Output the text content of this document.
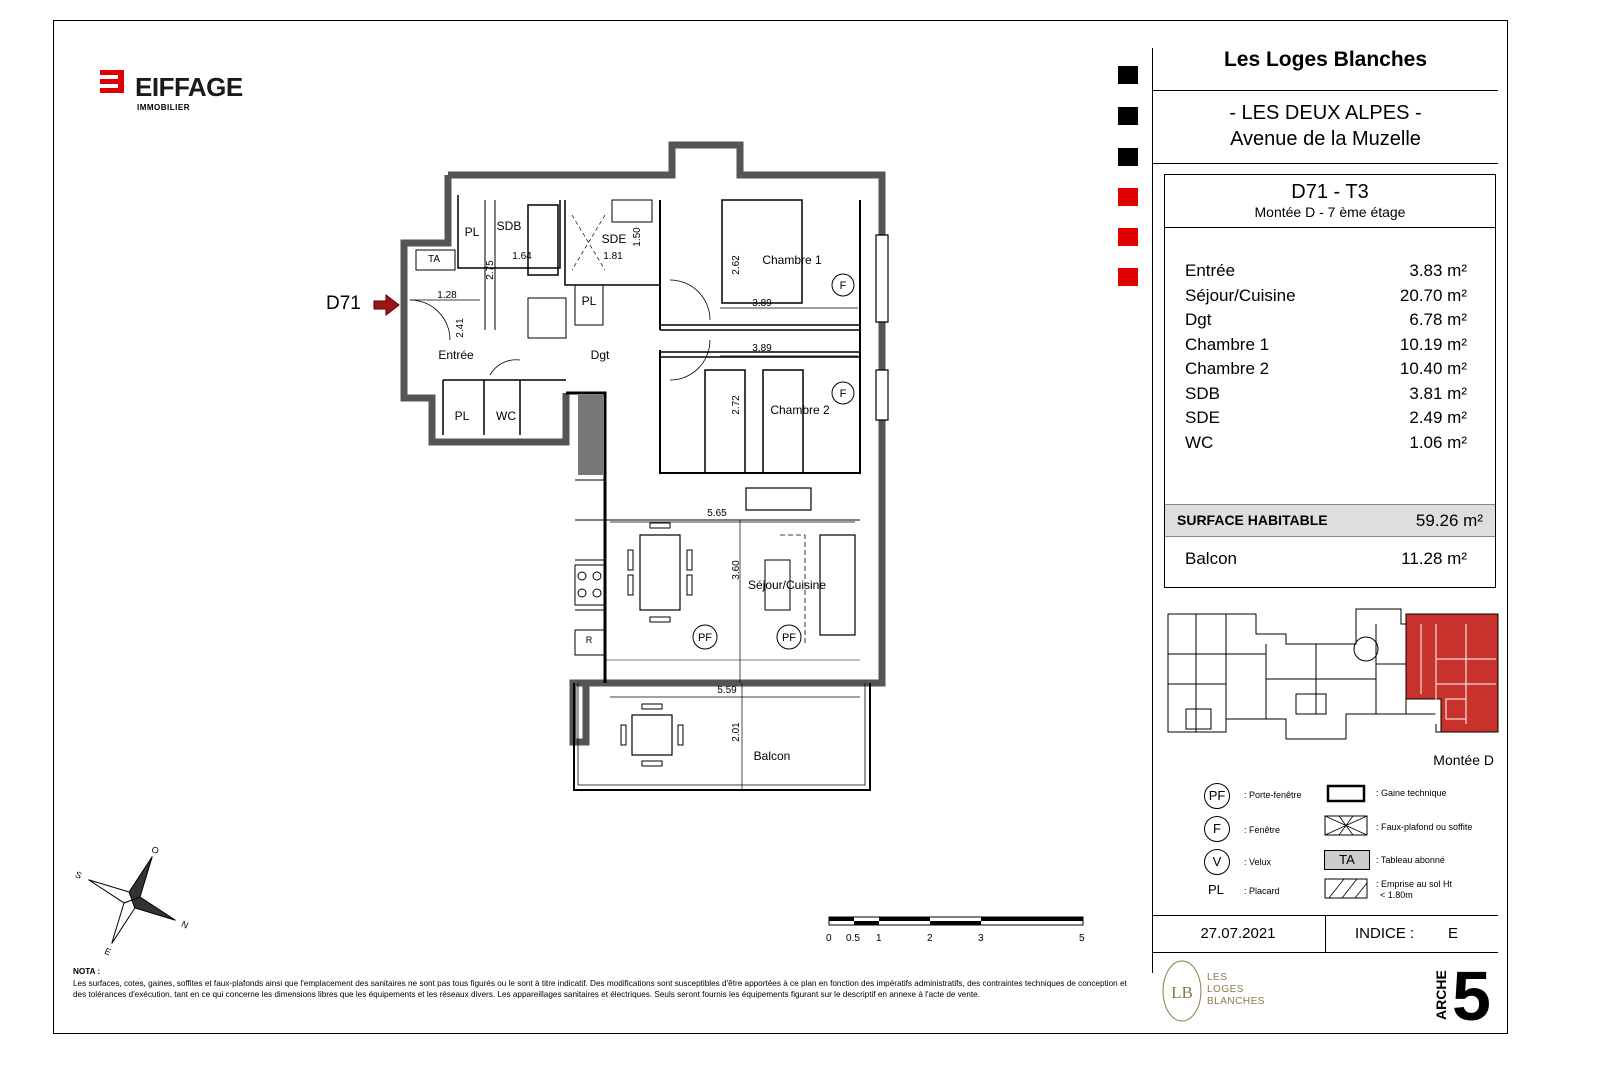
EIFFAGE
IMMOBILIER
D71
Entrée	Dgt
Chambre 1
Chambre 2
SDB
SDE
WC
PL
PL
PL
Séjour/Cuisine
Balcon
F
F
PF	PF
R
TA
1.28
1.64	1.81
3.89
3.89
5.65
5.59
2.41
2.75
1.50
2.62
2.72
3.60
2.01
Les Loges Blanches
- LES DEUX ALPES -
Avenue de la Muzelle
D71 - T3
Montée D - 7 ème étage
Entrée	3.83 m²
Séjour/Cuisine	20.70 m²
Dgt	6.78 m²
Chambre 1	10.19 m²
Chambre 2	10.40 m²
SDB	3.81 m²
SDE	2.49 m²
WC	1.06 m²
SURFACE HABITABLE	59.26 m²
Balcon	11.28 m²
Montée D
PF	: Porte-fenêtre
F	: Fenêtre
V	: Velux
PL : Placard
: Gaine technique
: Faux-plafond ou soffite
TA	: Tableau abonné
: Emprise au sol Ht
< 1.80m
27.07.2021	INDICE : E
LB
LES
LOGES
BLANCHES	ARCHE 5
0 0.5 1	2	3	5
O
E
N
S
NOTA :
Les surfaces, cotes, gaines, soffites et faux-plafonds ainsi que l'emplacement des sanitaires ne sont pas tous figurés ou le sont à titre indicatif. Des modifications sont susceptibles d'être apportées à ce plan en fonction des impératifs administratifs, des contraintes techniques de conception et des tolérances d'exécution, tant en ce qui concerne les dimensions libres que les équipements et les réseaux divers. Les appareillages sanitaires et électriques. Seuls seront fournis les équipements figurant sur le descriptif en annexe à l'acte de vente.
